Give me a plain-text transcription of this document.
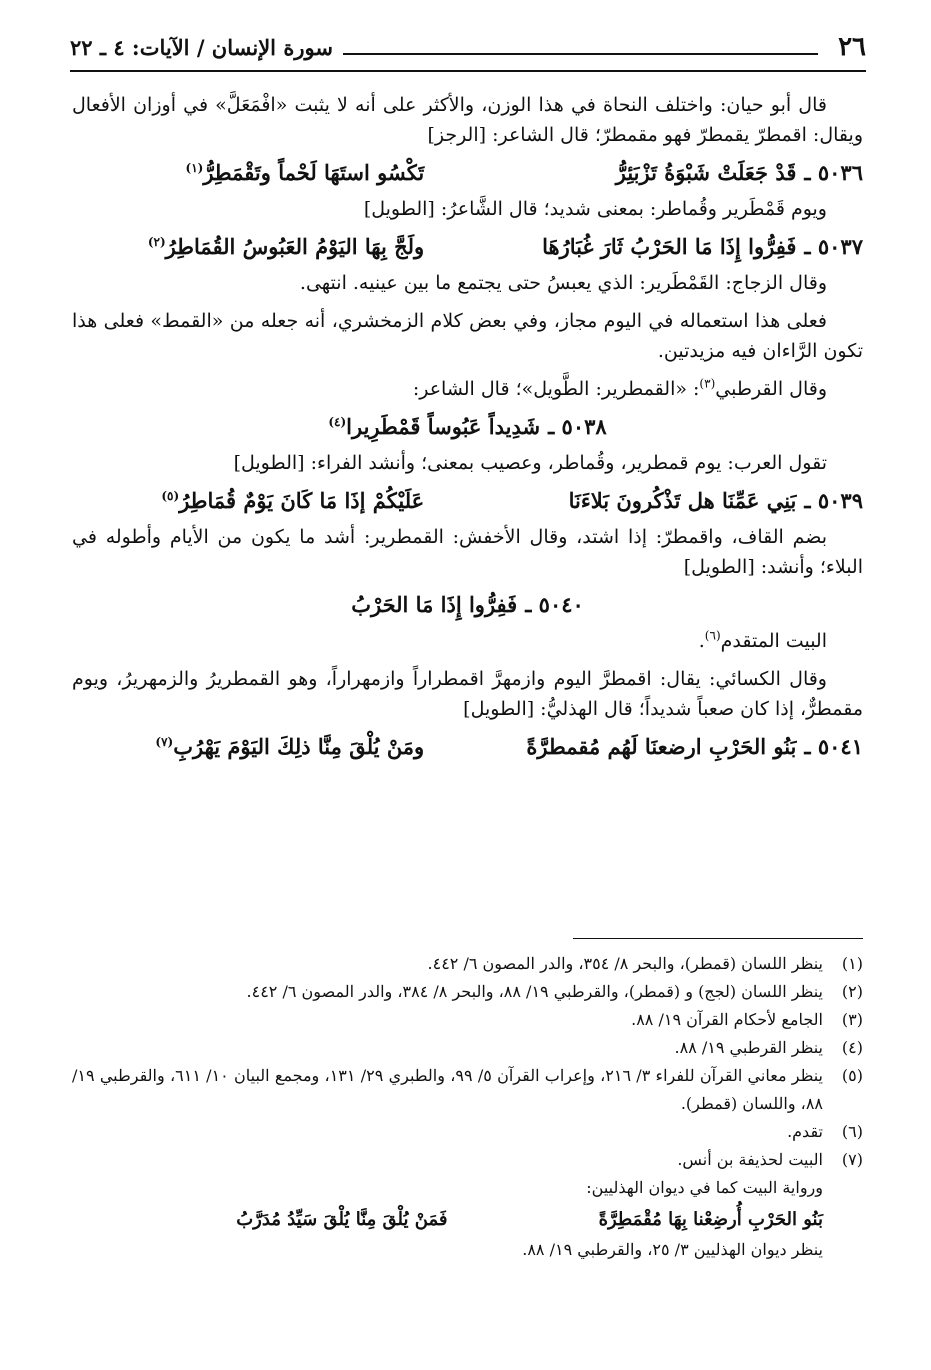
٢٦
سورة الإنسان / الآيات: ٤ ـ ٢٢

قال أبو حيان: واختلف النحاة في هذا الوزن، والأكثر على أنه لا يثبت «افْمَعَلَّ» في أوزان الأفعال ويقال: اقمطرّ يقمطرّ فهو مقمطرّ؛ قال الشاعر: [الرجز]

٥٠٣٦ ـ
قَدْ جَعَلَتْ شَبْوَةُ تَزْبَئِرُّ
تَكْسُو استَهَا لَحْماً وتَقْمَطِرُّ$^{(١)}$

ويوم قَمْطَرير وقُماطر: بمعنى شديد؛ قال الشَّاعرُ: [الطويل]

٥٠٣٧ ـ
فَفِرُّوا إِذَا مَا الحَرْبُ ثَارَ غُبَارُهَا
ولَجَّ بِهَا اليَوْمُ العَبُوسُ القُمَاطِرُ$^{(٢)}$

وقال الزجاج: القَمْطَرير: الذي يعبسُ حتى يجتمع ما بين عينيه. انتهى.

فعلى هذا استعماله في اليوم مجاز، وفي بعض كلام الزمخشري، أنه جعله من «القمط» فعلى هذا تكون الرَّاءان فيه مزيدتين.

وقال القرطبي$^{(٣)}$: «القمطرير: الطَّويل»؛ قال الشاعر:

٥٠٣٨ ـ
شَدِيداً عَبُوساً قَمْطَرِيرا$^{(٤)}$

تقول العرب: يوم قمطرير، وقُماطر، وعصيب بمعنى؛ وأنشد الفراء: [الطويل]

٥٠٣٩ ـ
بَنِي عَمِّنَا هل تَذْكُرونَ بَلاءَنَا
عَلَيْكُمْ إذَا مَا كَانَ يَوْمٌ قُمَاطِرُ$^{(٥)}$

بضم القاف، واقمطرّ: إذا اشتد، وقال الأخفش: القمطرير: أشد ما يكون من الأيام وأطوله في البلاء؛ وأنشد: [الطويل]

٥٠٤٠ ـ
فَفِرُّوا إِذَا مَا الحَرْبُ

البيت المتقدم$^{(٦)}$.

وقال الكسائي: يقال: اقمطرَّ اليوم وازمهرَّ اقمطراراً وازمهراراً، وهو القمطريرُ والزمهريرُ، ويوم مقمطرٌّ، إذا كان صعباً شديداً؛ قال الهذليُّ: [الطويل]

٥٠٤١ ـ
بَنُو الحَرْبِ ارضعنَا لَهُم مُقمطرَّةً
ومَنْ يُلْقَ مِنَّا ذلِكَ اليَوْمَ يَهْرُبِ$^{(٧)}$
(١)
ينظر اللسان (قمطر)، والبحر ٨/ ٣٥٤، والدر المصون ٦/ ٤٤٢.
(٢)
ينظر اللسان (لجج) و (قمطر)، والقرطبي ١٩/ ٨٨، والبحر ٨/ ٣٨٤، والدر المصون ٦/ ٤٤٢.
(٣)
الجامع لأحكام القرآن ١٩/ ٨٨.
(٤)
ينظر القرطبي ١٩/ ٨٨.
(٥)
ينظر معاني القرآن للفراء ٣/ ٢١٦، وإعراب القرآن ٥/ ٩٩، والطبري ٢٩/ ١٣١، ومجمع البيان ١٠/ ٦١١، والقرطبي ١٩/ ٨٨، واللسان (قمطر).
(٦)
تقدم.
(٧)
البيت لحذيفة بن أنس.

ورواية البيت كما في ديوان الهذليين:

بَنُو الحَرْبِ أُرضِعْنا بِهَا مُقْمَطِرَّةً
فَمَنْ يُلْقَ مِنَّا يُلْقَ سَيِّدُ مُدَرَّبُ

ينظر ديوان الهذليين ٣/ ٢٥، والقرطبي ١٩/ ٨٨.
